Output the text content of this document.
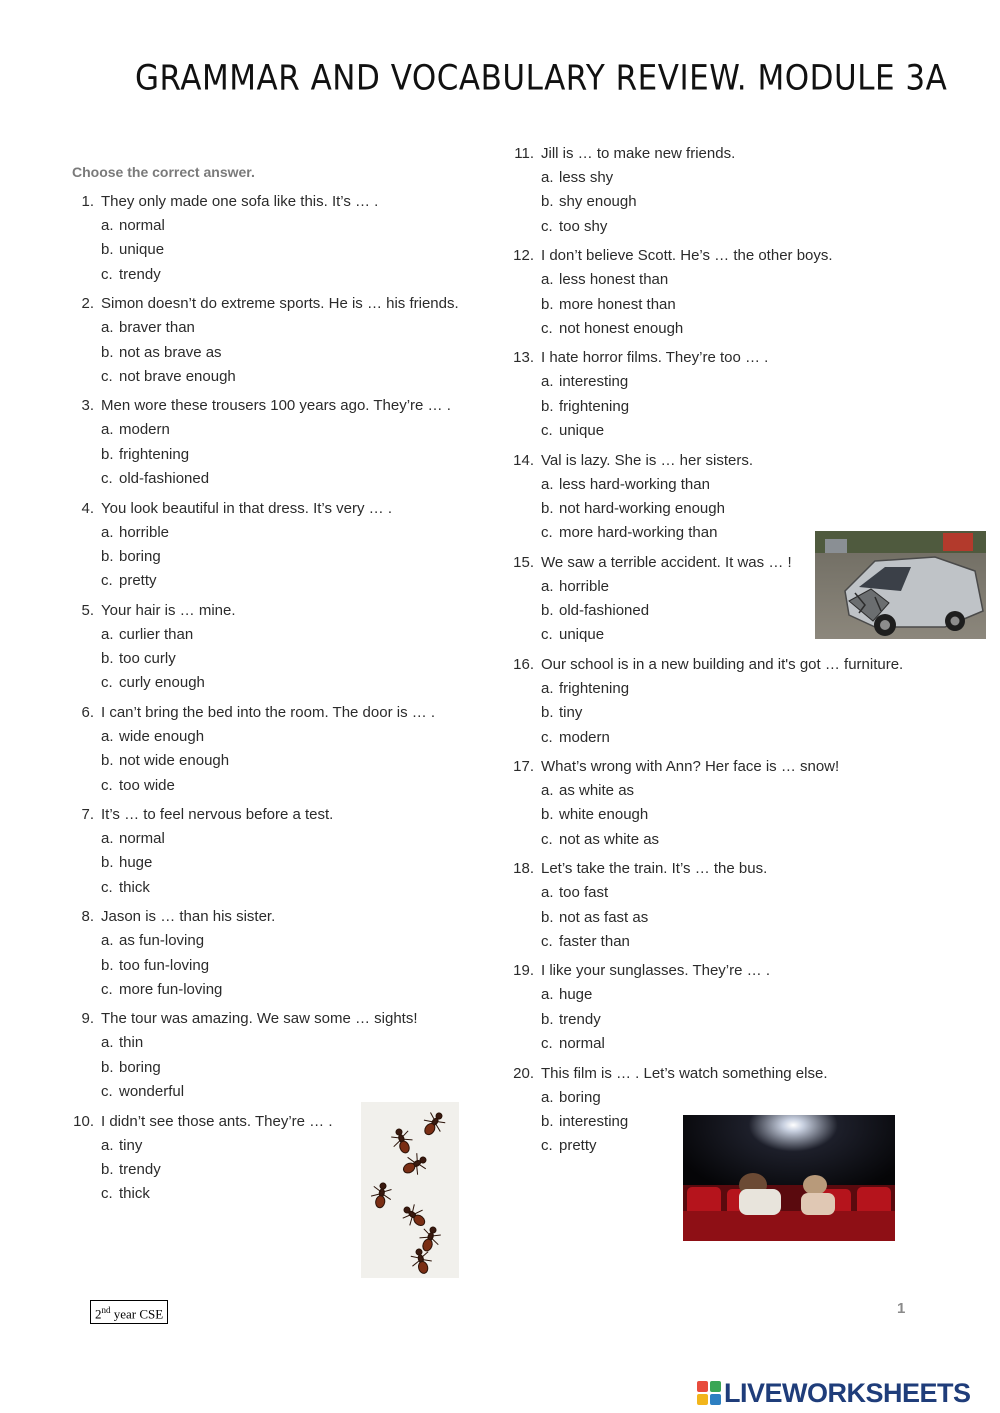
GRAMMAR AND VOCABULARY REVIEW. MODULE 3A
Choose the correct answer.
1. They only made one sofa like this. It’s … .
a. normal
b. unique
c. trendy
2. Simon doesn’t do extreme sports. He is … his friends.
a. braver than
b. not as brave as
c. not brave enough
3. Men wore these trousers 100 years ago. They’re … .
a. modern
b. frightening
c. old-fashioned
4. You look beautiful in that dress. It’s very … .
a. horrible
b. boring
c. pretty
5. Your hair is … mine.
a. curlier than
b. too curly
c. curly enough
6. I can’t bring the bed into the room. The door is … .
a. wide enough
b. not wide enough
c. too wide
7. It’s … to feel nervous before a test.
a. normal
b. huge
c. thick
8. Jason is … than his sister.
a. as fun-loving
b. too fun-loving
c. more fun-loving
9. The tour was amazing. We saw some … sights!
a. thin
b. boring
c. wonderful
10. I didn’t see those ants. They’re … .
a. tiny
b. trendy
c. thick
11. Jill is … to make new friends.
a. less shy
b. shy enough
c. too shy
12. I don’t believe Scott. He’s … the other boys.
a. less honest than
b. more honest than
c. not honest enough
13. I hate horror films. They’re too … .
a. interesting
b. frightening
c. unique
14. Val is lazy. She is … her sisters.
a. less hard-working than
b. not hard-working enough
c. more hard-working than
15. We saw a terrible accident. It was … !
a. horrible
b. old-fashioned
c. unique
16. Our school is in a new building and it's got … furniture.
a. frightening
b. tiny
c. modern
17. What’s wrong with Ann? Her face is … snow!
a. as white as
b. white enough
c. not as white as
18. Let’s take the train. It’s … the bus.
a. too fast
b. not as fast as
c. faster than
19. I like your sunglasses. They’re … .
a. huge
b. trendy
c. normal
20. This film is … . Let’s watch something else.
a. boring
b. interesting
c. pretty
2nd year CSE	1
LIVEWORKSHEETS
